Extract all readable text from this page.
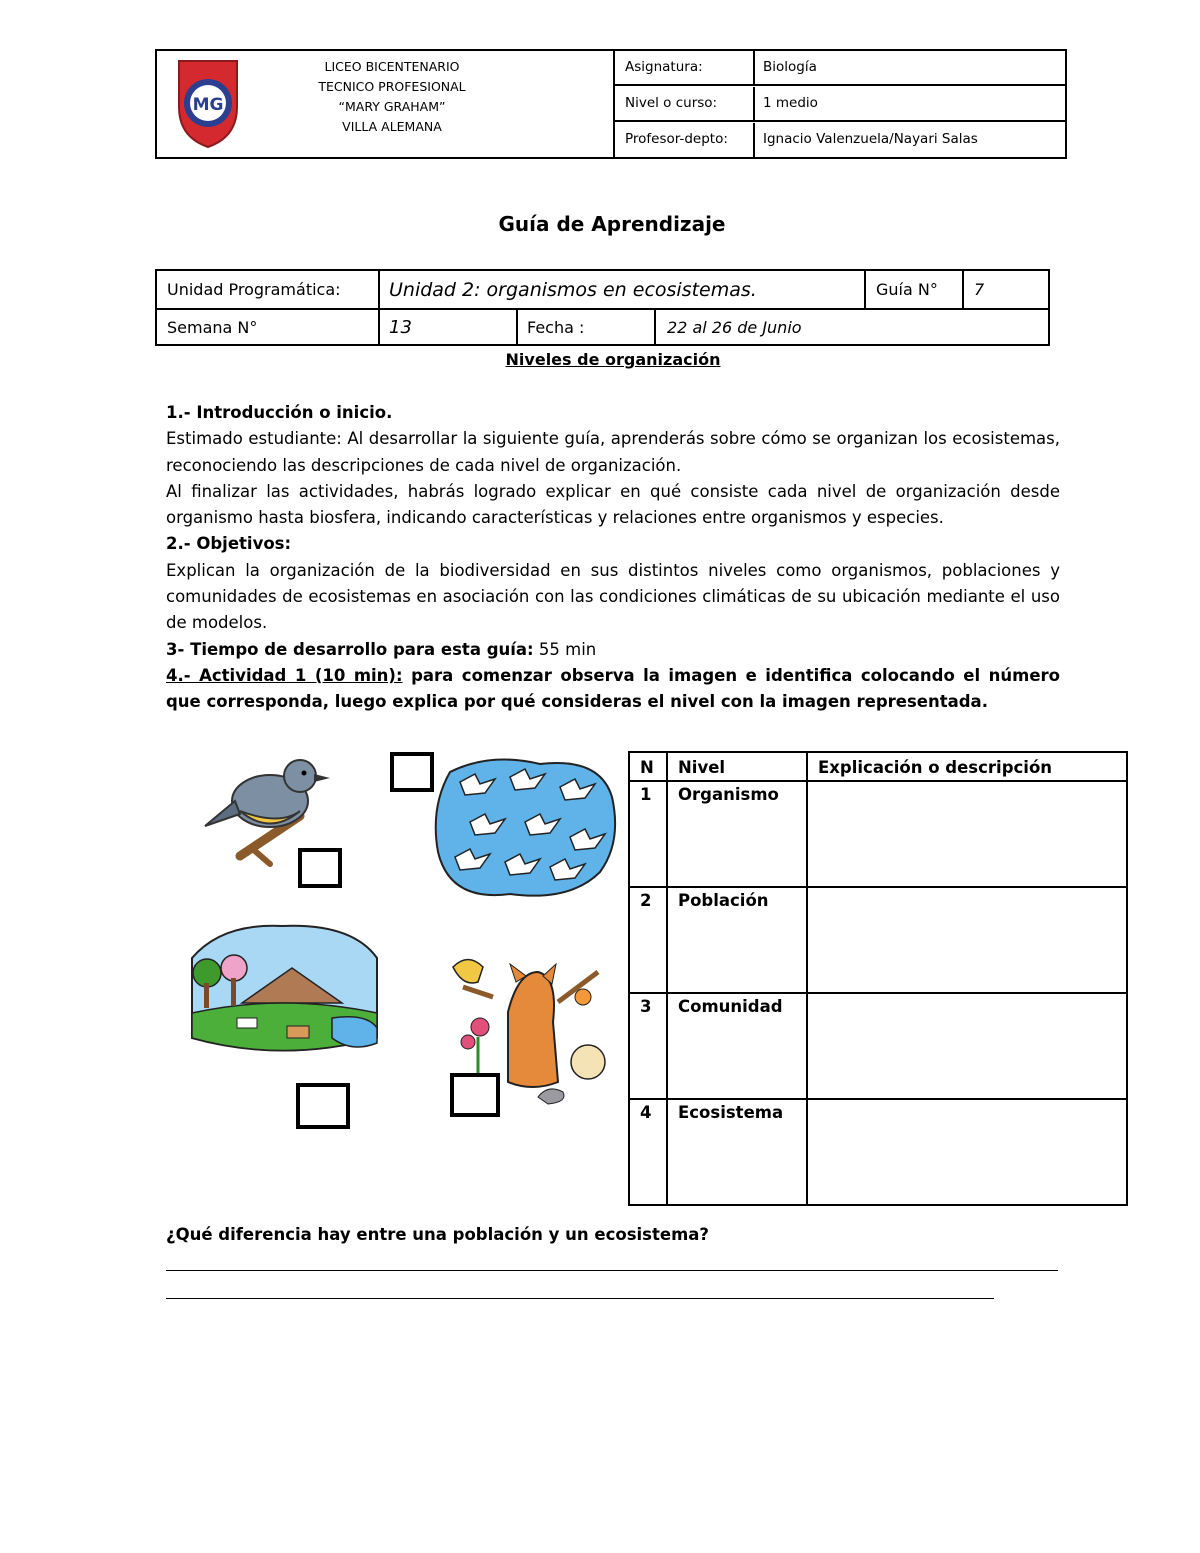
MG
LICEO BICENTENARIO
TECNICO PROFESIONAL
“MARY GRAHAM”
VILLA ALEMANA
Asignatura:	Biología
Nivel o curso:	1 medio
Profesor-depto:	Ignacio Valenzuela/Nayari Salas
Guía de Aprendizaje
Unidad Programática:	Unidad 2: organismos en ecosistemas.	Guía N° 7
Semana N°	13	Fecha :	22 al 26 de Junio
Niveles de organización
1.- Introducción o inicio.
Estimado estudiante: Al desarrollar la siguiente guía, aprenderás sobre cómo se organizan los ecosistemas, reconociendo las descripciones de cada nivel de organización.
Al finalizar las actividades, habrás logrado explicar en qué consiste cada nivel de organización desde organismo hasta biosfera, indicando características y relaciones entre organismos y especies.
2.- Objetivos:
Explican la organización de la biodiversidad en sus distintos niveles como organismos, poblaciones y comunidades de ecosistemas en asociación con las condiciones climáticas de su ubicación mediante el uso de modelos.
3- Tiempo de desarrollo para esta guía: 55 min
4.- Actividad 1 (10 min): para comenzar observa la imagen e identifica colocando el número que corresponda, luego explica por qué consideras el nivel con la imagen representada.
N Nivel	Explicación o descripción
1 Organismo
2 Población
3 Comunidad
4 Ecosistema
¿Qué diferencia hay entre una población y un ecosistema?
